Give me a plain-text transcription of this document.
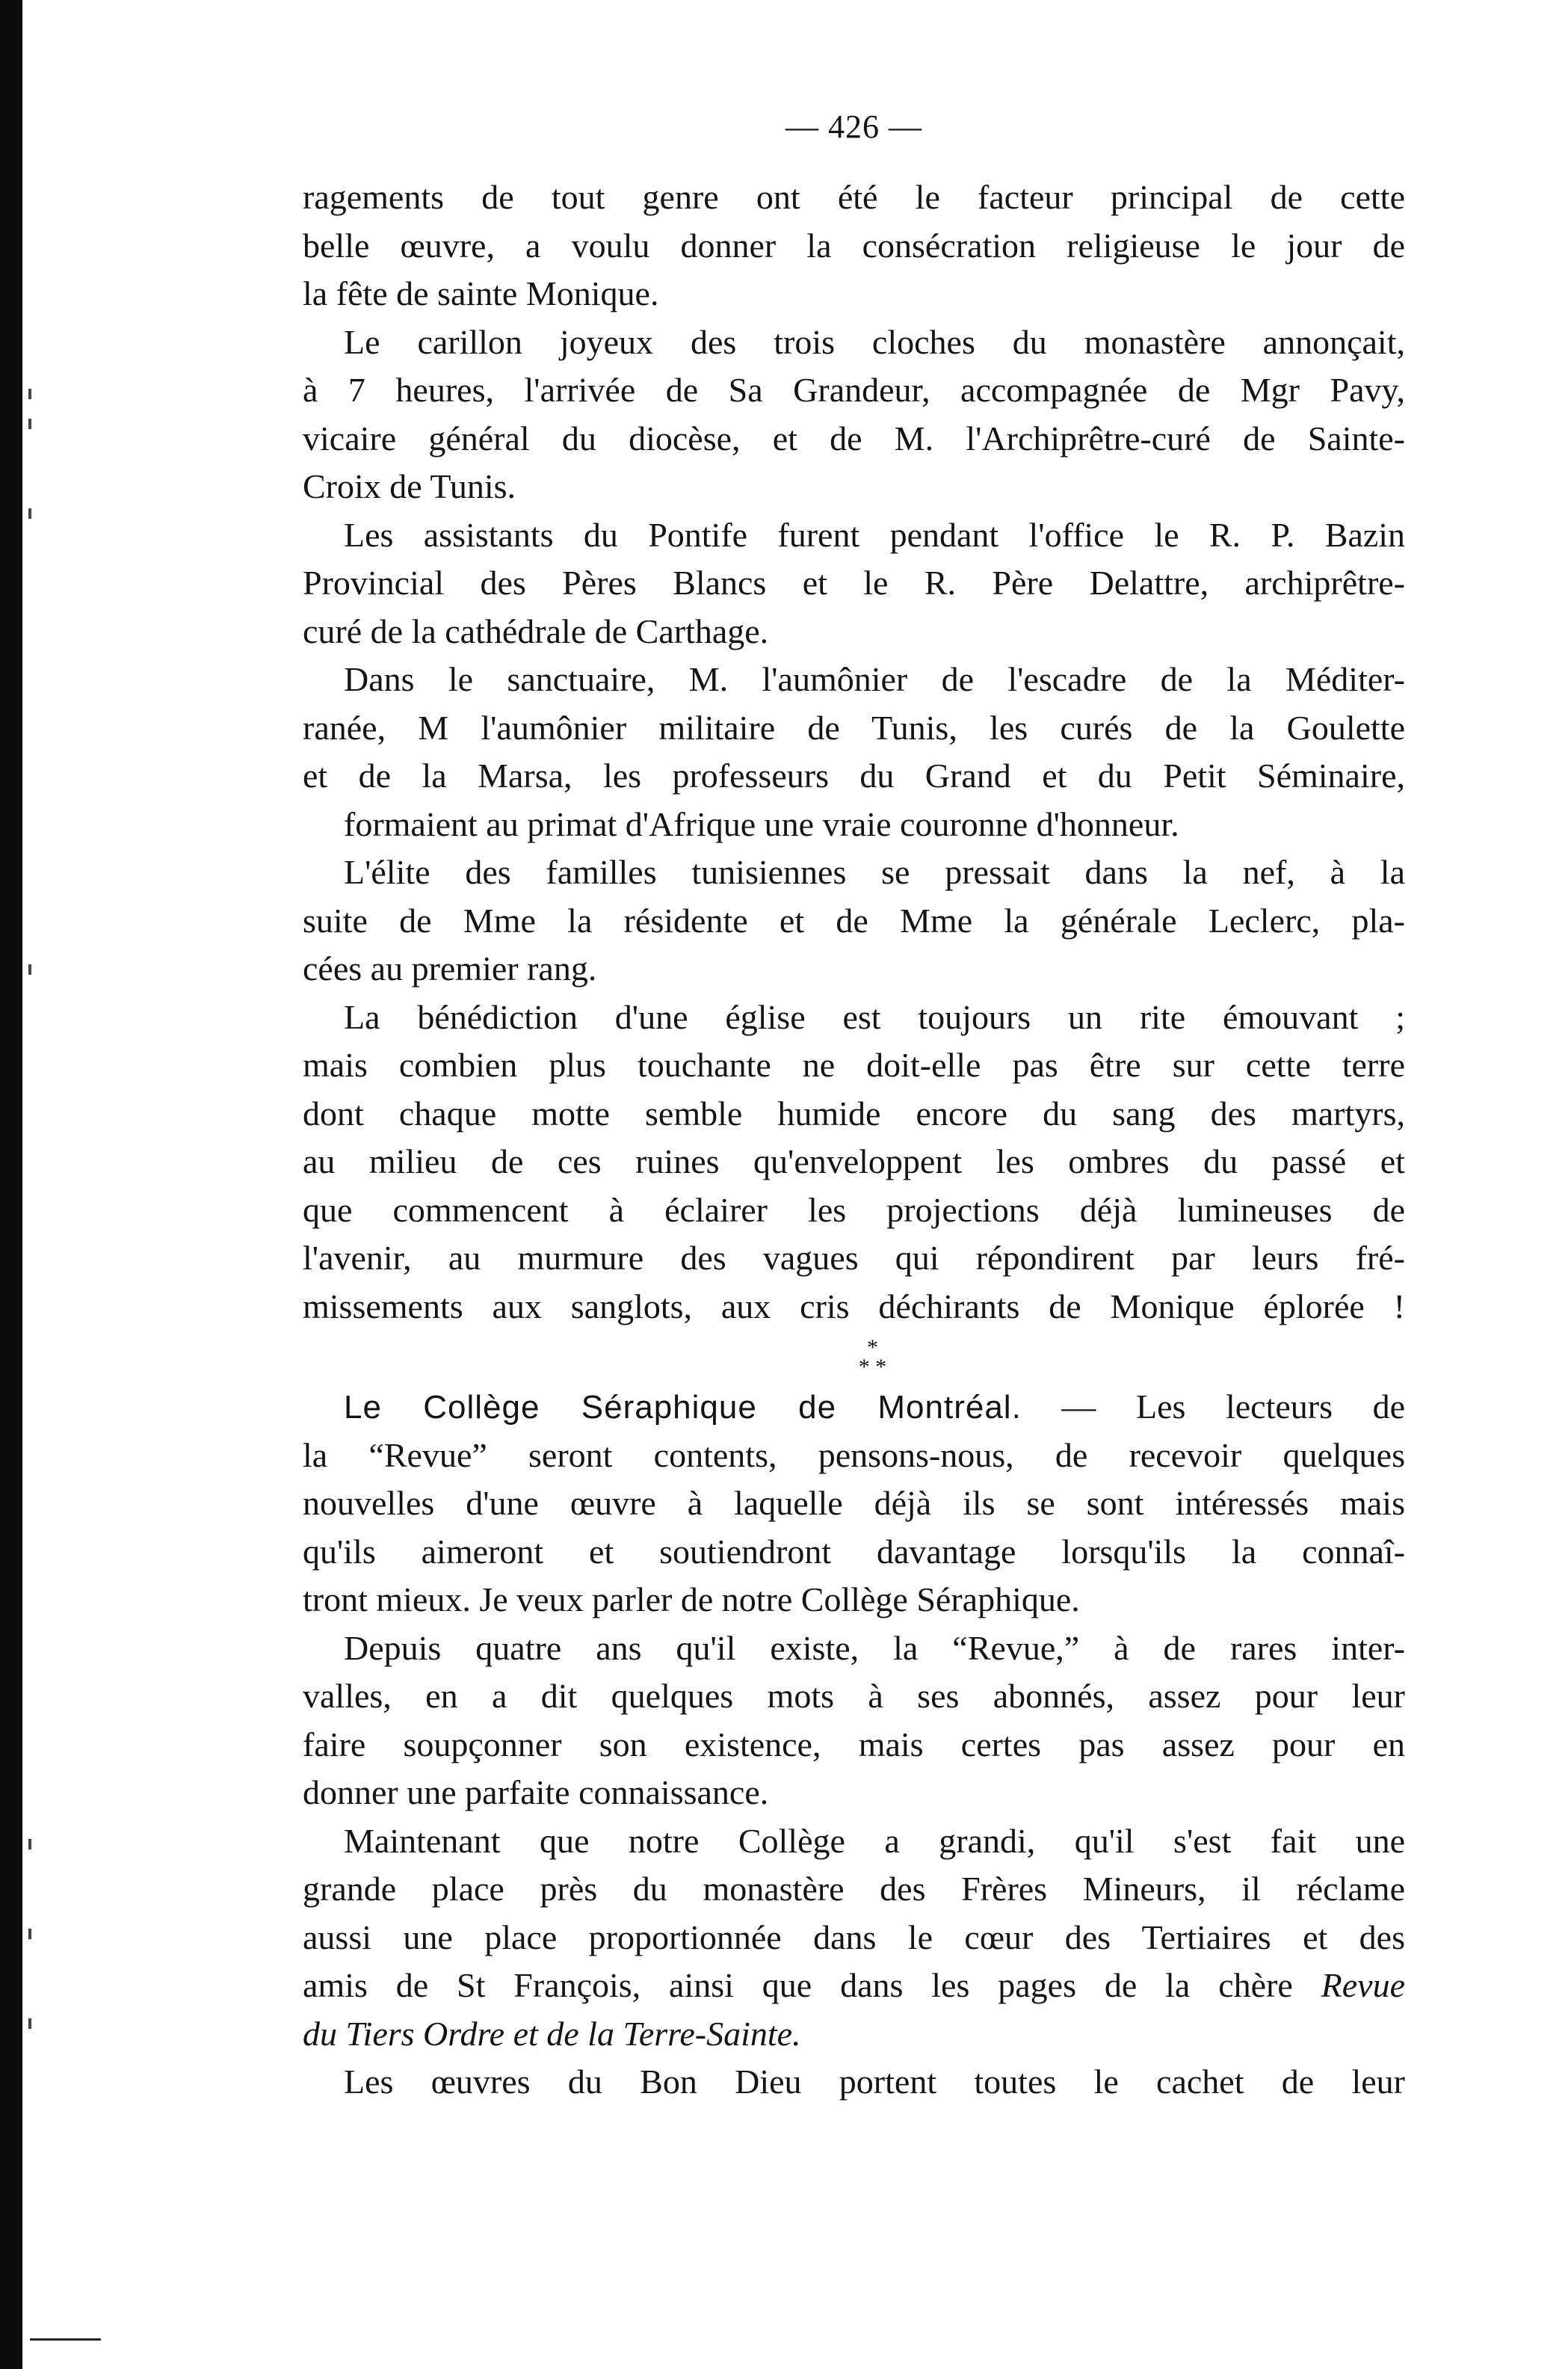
— 426 —
ragements de tout genre ont été le facteur principal de cette
belle œuvre, a voulu donner la consécration religieuse le jour de
la fête de sainte Monique.
Le carillon joyeux des trois cloches du monastère annonçait,
à 7 heures, l'arrivée de Sa Grandeur, accompagnée de Mgr Pavy,
vicaire général du diocèse, et de M. l'Archiprêtre-curé de Sainte-
Croix de Tunis.
Les assistants du Pontife furent pendant l'office le R. P. Bazin
Provincial des Pères Blancs et le R. Père Delattre, archiprêtre-
curé de la cathédrale de Carthage.
Dans le sanctuaire, M. l'aumônier de l'escadre de la Méditer-
ranée, M l'aumônier militaire de Tunis, les curés de la Goulette
et de la Marsa, les professeurs du Grand et du Petit Séminaire,
formaient au primat d'Afrique une vraie couronne d'honneur.
L'élite des familles tunisiennes se pressait dans la nef, à la
suite de Mme la résidente et de Mme la générale Leclerc, pla-
cées au premier rang.
La bénédiction d'une église est toujours un rite émouvant ;
mais combien plus touchante ne doit-elle pas être sur cette terre
dont chaque motte semble humide encore du sang des martyrs,
au milieu de ces ruines qu'enveloppent les ombres du passé et
que commencent à éclairer les projections déjà lumineuses de
l'avenir, au murmure des vagues qui répondirent par leurs fré-
missements aux sanglots, aux cris déchirants de Monique éplorée !
*
* *
Le Collège Séraphique de Montréal. — Les lecteurs de
la “Revue” seront contents, pensons-nous, de recevoir quelques
nouvelles d'une œuvre à laquelle déjà ils se sont intéressés mais
qu'ils aimeront et soutiendront davantage lorsqu'ils la connaî-
tront mieux. Je veux parler de notre Collège Séraphique.
Depuis quatre ans qu'il existe, la “Revue,” à de rares inter-
valles, en a dit quelques mots à ses abonnés, assez pour leur
faire soupçonner son existence, mais certes pas assez pour en
donner une parfaite connaissance.
Maintenant que notre Collège a grandi, qu'il s'est fait une
grande place près du monastère des Frères Mineurs, il réclame
aussi une place proportionnée dans le cœur des Tertiaires et des
amis de St François, ainsi que dans les pages de la chère Revue
du Tiers Ordre et de la Terre-Sainte.
Les œuvres du Bon Dieu portent toutes le cachet de leur
